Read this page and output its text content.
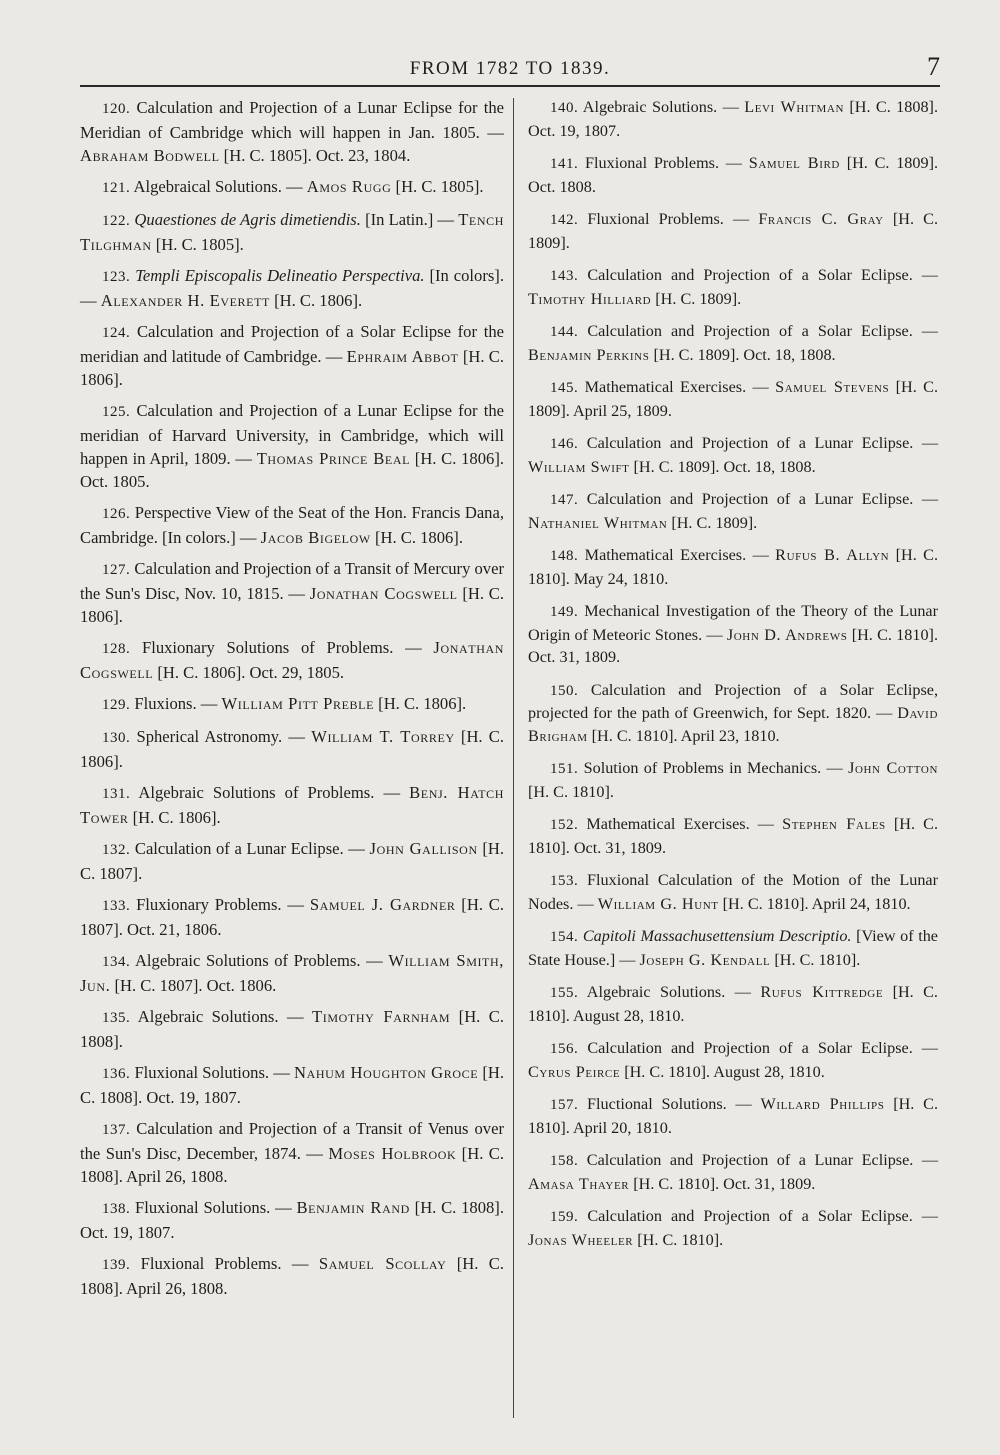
FROM 1782 TO 1839.	7
120. Calculation and Projection of a Lunar Eclipse for the Meridian of Cambridge which will happen in Jan. 1805. — Abraham Bodwell [H. C. 1805]. Oct. 23, 1804.
121. Algebraical Solutions. — Amos Rugg [H. C. 1805].
122. Quaestiones de Agris dimetiendis. [In Latin.] — Tench Tilghman [H. C. 1805].
123. Templi Episcopalis Delineatio Perspectiva. [In colors]. — Alexander H. Everett [H. C. 1806].
124. Calculation and Projection of a Solar Eclipse for the meridian and latitude of Cambridge. — Ephraim Abbot [H. C. 1806].
125. Calculation and Projection of a Lunar Eclipse for the meridian of Harvard University, in Cambridge, which will happen in April, 1809. — Thomas Prince Beal [H. C. 1806]. Oct. 1805.
126. Perspective View of the Seat of the Hon. Francis Dana, Cambridge. [In colors.] — Jacob Bigelow [H. C. 1806].
127. Calculation and Projection of a Transit of Mercury over the Sun's Disc, Nov. 10, 1815. — Jonathan Cogswell [H. C. 1806].
128. Fluxionary Solutions of Problems. — Jonathan Cogswell [H. C. 1806]. Oct. 29, 1805.
129. Fluxions. — William Pitt Preble [H. C. 1806].
130. Spherical Astronomy. — William T. Torrey [H. C. 1806].
131. Algebraic Solutions of Problems. — Benj. Hatch Tower [H. C. 1806].
132. Calculation of a Lunar Eclipse. — John Gallison [H. C. 1807].
133. Fluxionary Problems. — Samuel J. Gardner [H. C. 1807]. Oct. 21, 1806.
134. Algebraic Solutions of Problems. — William Smith, Jun. [H. C. 1807]. Oct. 1806.
135. Algebraic Solutions. — Timothy Farnham [H. C. 1808].
136. Fluxional Solutions. — Nahum Houghton Groce [H. C. 1808]. Oct. 19, 1807.
137. Calculation and Projection of a Transit of Venus over the Sun's Disc, December, 1874. — Moses Holbrook [H. C. 1808]. April 26, 1808.
138. Fluxional Solutions. — Benjamin Rand [H. C. 1808]. Oct. 19, 1807.
139. Fluxional Problems. — Samuel Scollay [H. C. 1808]. April 26, 1808.
140. Algebraic Solutions. — Levi Whitman [H. C. 1808]. Oct. 19, 1807.
141. Fluxional Problems. — Samuel Bird [H. C. 1809]. Oct. 1808.
142. Fluxional Problems. — Francis C. Gray [H. C. 1809].
143. Calculation and Projection of a Solar Eclipse. — Timothy Hilliard [H. C. 1809].
144. Calculation and Projection of a Solar Eclipse. — Benjamin Perkins [H. C. 1809]. Oct. 18, 1808.
145. Mathematical Exercises. — Samuel Stevens [H. C. 1809]. April 25, 1809.
146. Calculation and Projection of a Lunar Eclipse. — William Swift [H. C. 1809]. Oct. 18, 1808.
147. Calculation and Projection of a Lunar Eclipse. — Nathaniel Whitman [H. C. 1809].
148. Mathematical Exercises. — Rufus B. Allyn [H. C. 1810]. May 24, 1810.
149. Mechanical Investigation of the Theory of the Lunar Origin of Meteoric Stones. — John D. Andrews [H. C. 1810]. Oct. 31, 1809.
150. Calculation and Projection of a Solar Eclipse, projected for the path of Greenwich, for Sept. 1820. — David Brigham [H. C. 1810]. April 23, 1810.
151. Solution of Problems in Mechanics. — John Cotton [H. C. 1810].
152. Mathematical Exercises. — Stephen Fales [H. C. 1810]. Oct. 31, 1809.
153. Fluxional Calculation of the Motion of the Lunar Nodes. — William G. Hunt [H. C. 1810]. April 24, 1810.
154. Capitoli Massachusettensium Descriptio. [View of the State House.] — Joseph G. Kendall [H. C. 1810].
155. Algebraic Solutions. — Rufus Kittredge [H. C. 1810]. August 28, 1810.
156. Calculation and Projection of a Solar Eclipse. — Cyrus Peirce [H. C. 1810]. August 28, 1810.
157. Fluctional Solutions. — Willard Phillips [H. C. 1810]. April 20, 1810.
158. Calculation and Projection of a Lunar Eclipse. — Amasa Thayer [H. C. 1810]. Oct. 31, 1809.
159. Calculation and Projection of a Solar Eclipse. — Jonas Wheeler [H. C. 1810].
